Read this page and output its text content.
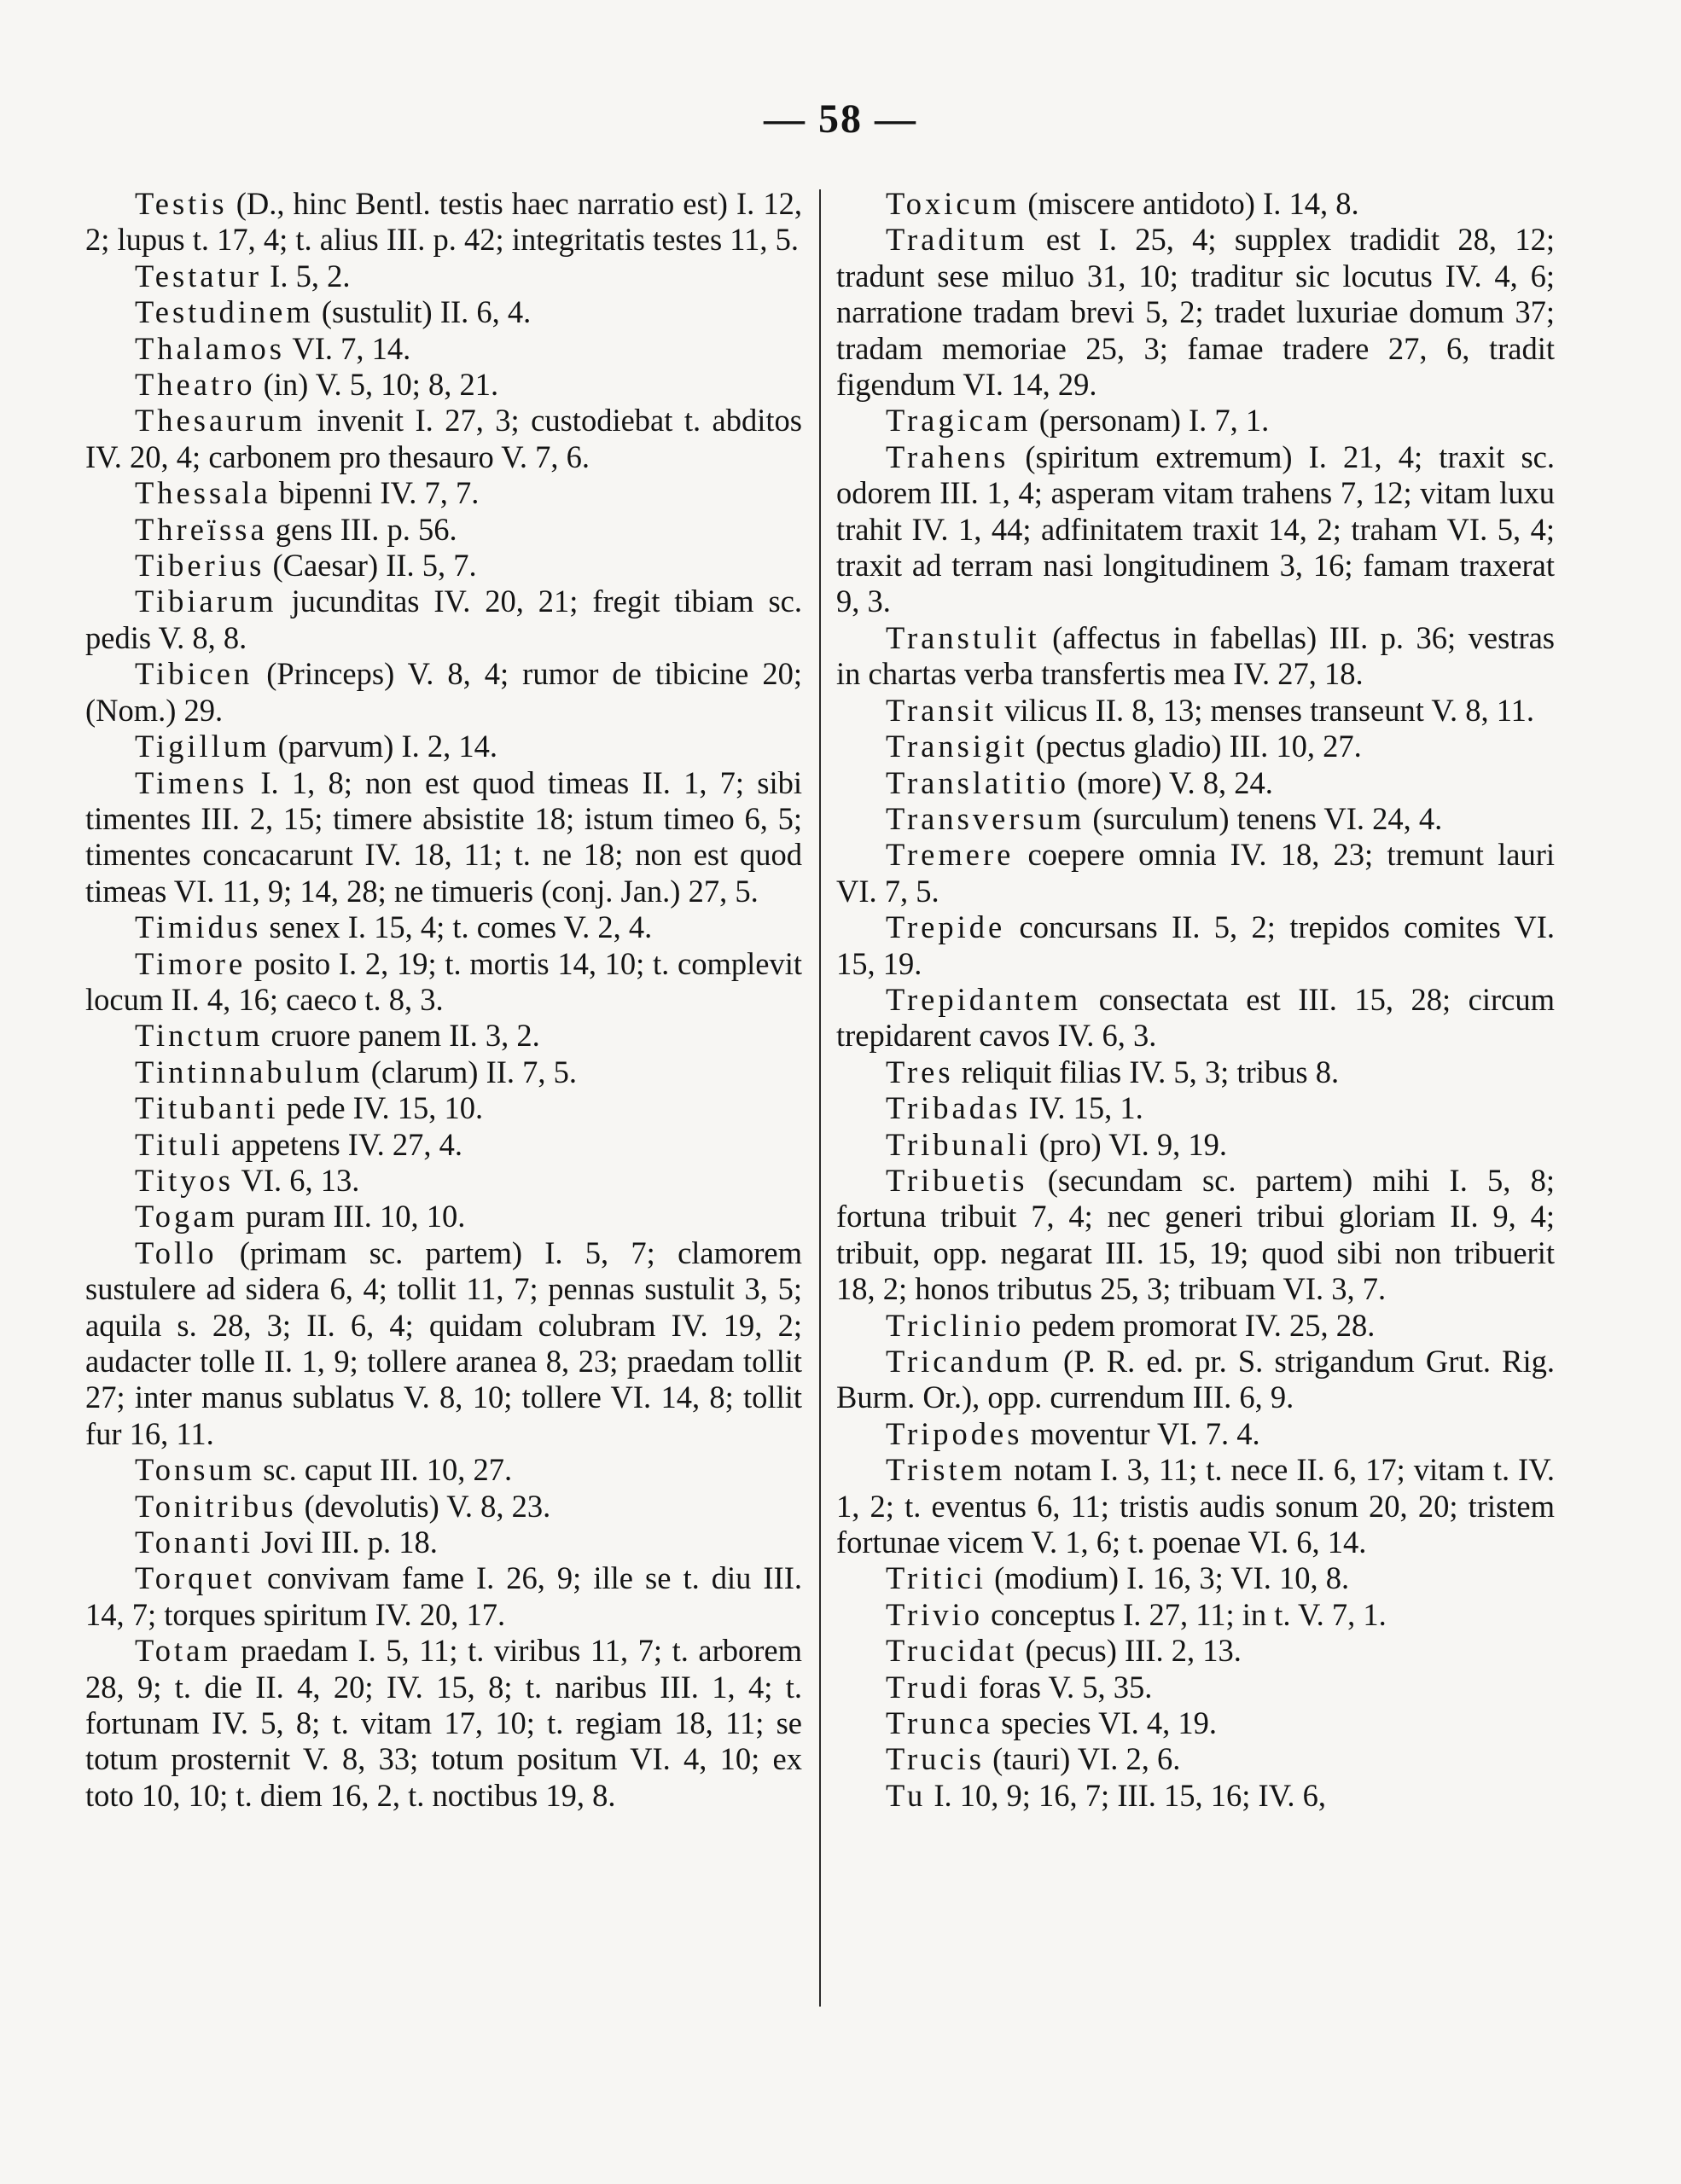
— 58 —

Testis (D., hinc Bentl. testis haec narratio est) I. 12, 2; lupus t. 17, 4; t. alius III. p. 42; integritatis testes 11, 5.

Testatur I. 5, 2.

Testudinem (sustulit) II. 6, 4.

Thalamos VI. 7, 14.

Theatro (in) V. 5, 10; 8, 21.

Thesaurum invenit I. 27, 3; custodiebat t. abditos IV. 20, 4; carbonem pro thesauro V. 7, 6.

Thessala bipenni IV. 7, 7.

Threïssa gens III. p. 56.

Tiberius (Caesar) II. 5, 7.

Tibiarum jucunditas IV. 20, 21; fregit tibiam sc. pedis V. 8, 8.

Tibicen (Princeps) V. 8, 4; rumor de tibicine 20; (Nom.) 29.

Tigillum (parvum) I. 2, 14.

Timens I. 1, 8; non est quod timeas II. 1, 7; sibi timentes III. 2, 15; timere absistite 18; istum timeo 6, 5; timentes concacarunt IV. 18, 11; t. ne 18; non est quod timeas VI. 11, 9; 14, 28; ne timueris (conj. Jan.) 27, 5.

Timidus senex I. 15, 4; t. comes V. 2, 4.

Timore posito I. 2, 19; t. mortis 14, 10; t. complevit locum II. 4, 16; caeco t. 8, 3.

Tinctum cruore panem II. 3, 2.

Tintinnabulum (clarum) II. 7, 5.

Titubanti pede IV. 15, 10.

Tituli appetens IV. 27, 4.

Tityos VI. 6, 13.

Togam puram III. 10, 10.

Tollo (primam sc. partem) I. 5, 7; clamorem sustulere ad sidera 6, 4; tollit 11, 7; pennas sustulit 3, 5; aquila s. 28, 3; II. 6, 4; quidam colubram IV. 19, 2; audacter tolle II. 1, 9; tollere aranea 8, 23; praedam tollit 27; inter manus sublatus V. 8, 10; tollere VI. 14, 8; tollit fur 16, 11.

Tonsum sc. caput III. 10, 27.

Tonitribus (devolutis) V. 8, 23.

Tonanti Jovi III. p. 18.

Torquet convivam fame I. 26, 9; ille se t. diu III. 14, 7; torques spiritum IV. 20, 17.

Totam praedam I. 5, 11; t. viribus 11, 7; t. arborem 28, 9; t. die II. 4, 20; IV. 15, 8; t. naribus III. 1, 4; t. fortunam IV. 5, 8; t. vitam 17, 10; t. regiam 18, 11; se totum prosternit V. 8, 33; totum positum VI. 4, 10; ex toto 10, 10; t. diem 16, 2, t. noctibus 19, 8.

Toxicum (miscere antidoto) I. 14, 8.

Traditum est I. 25, 4; supplex tradidit 28, 12; tradunt sese miluo 31, 10; traditur sic locutus IV. 4, 6; narratione tradam brevi 5, 2; tradet luxuriae domum 37; tradam memoriae 25, 3; famae tradere 27, 6, tradit figendum VI. 14, 29.

Tragicam (personam) I. 7, 1.

Trahens (spiritum extremum) I. 21, 4; traxit sc. odorem III. 1, 4; asperam vitam trahens 7, 12; vitam luxu trahit IV. 1, 44; adfinitatem traxit 14, 2; traham VI. 5, 4; traxit ad terram nasi longitudinem 3, 16; famam traxerat 9, 3.

Transtulit (affectus in fabellas) III. p. 36; vestras in chartas verba transfertis mea IV. 27, 18.

Transit vilicus II. 8, 13; menses transeunt V. 8, 11.

Transigit (pectus gladio) III. 10, 27.

Translatitio (more) V. 8, 24.

Transversum (surculum) tenens VI. 24, 4.

Tremere coepere omnia IV. 18, 23; tremunt lauri VI. 7, 5.

Trepide concursans II. 5, 2; trepidos comites VI. 15, 19.

Trepidantem consectata est III. 15, 28; circum trepidarent cavos IV. 6, 3.

Tres reliquit filias IV. 5, 3; tribus 8.

Tribadas IV. 15, 1.

Tribunali (pro) VI. 9, 19.

Tribuetis (secundam sc. partem) mihi I. 5, 8; fortuna tribuit 7, 4; nec generi tribui gloriam II. 9, 4; tribuit, opp. negarat III. 15, 19; quod sibi non tribuerit 18, 2; honos tributus 25, 3; tribuam VI. 3, 7.

Triclinio pedem promorat IV. 25, 28.

Tricandum (P. R. ed. pr. S. strigandum Grut. Rig. Burm. Or.), opp. currendum III. 6, 9.

Tripodes moventur VI. 7. 4.

Tristem notam I. 3, 11; t. nece II. 6, 17; vitam t. IV. 1, 2; t. eventus 6, 11; tristis audis sonum 20, 20; tristem fortunae vicem V. 1, 6; t. poenae VI. 6, 14.

Tritici (modium) I. 16, 3; VI. 10, 8.

Trivio conceptus I. 27, 11; in t. V. 7, 1.

Trucidat (pecus) III. 2, 13.

Trudi foras V. 5, 35.

Trunca species VI. 4, 19.

Trucis (tauri) VI. 2, 6.

Tu I. 10, 9; 16, 7; III. 15, 16; IV. 6,
